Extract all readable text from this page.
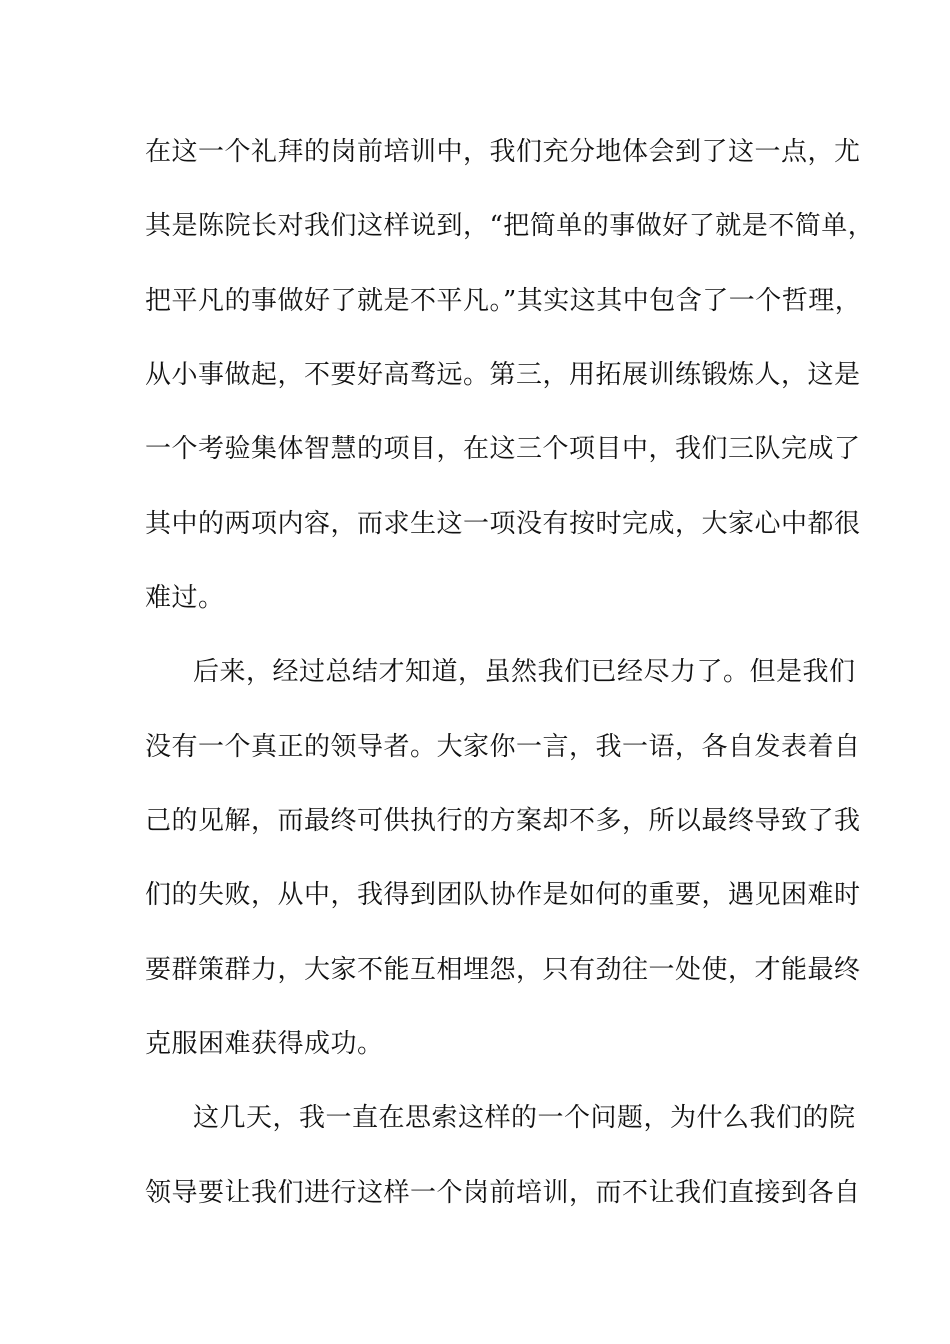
在这一个礼拜的岗前培训中，我们充分地体会到了这一点，尤
其是陈院长对我们这样说到，“把简单的事做好了就是不简单，
把平凡的事做好了就是不平凡。”其实这其中包含了一个哲理，
从小事做起，不要好高骛远。第三，用拓展训练锻炼人，这是
一个考验集体智慧的项目，在这三个项目中，我们三队完成了
其中的两项内容，而求生这一项没有按时完成，大家心中都很
难过。
后来，经过总结才知道，虽然我们已经尽力了。但是我们
没有一个真正的领导者。大家你一言，我一语，各自发表着自
己的见解，而最终可供执行的方案却不多，所以最终导致了我
们的失败，从中，我得到团队协作是如何的重要，遇见困难时
要群策群力，大家不能互相埋怨，只有劲往一处使，才能最终
克服困难获得成功。
这几天，我一直在思索这样的一个问题，为什么我们的院
领导要让我们进行这样一个岗前培训，而不让我们直接到各自
